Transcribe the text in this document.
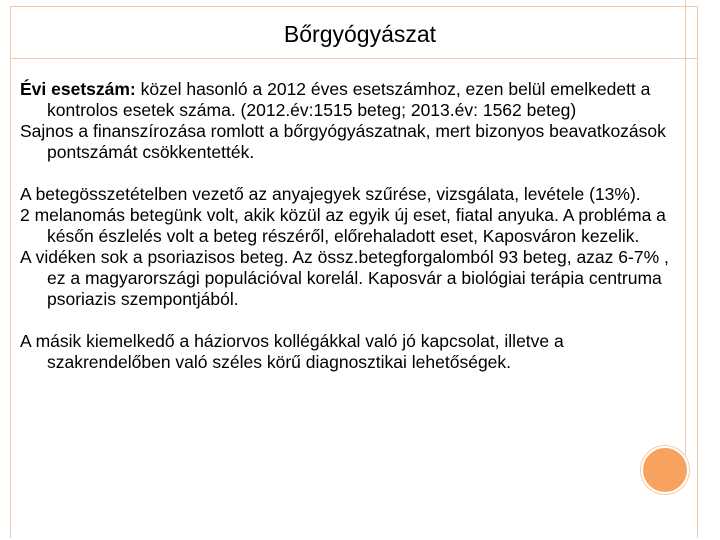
Bőrgyógyászat

Évi esetszám: közel hasonló a 2012 éves esetszámhoz, ezen belül emelkedett a kontrolos esetek száma. (2012.év:1515 beteg; 2013.év: 1562 beteg)

Sajnos a finanszírozása romlott a bőrgyógyászatnak, mert bizonyos beavatkozások pontszámát csökkentették.

A betegösszetételben vezető az anyajegyek szűrése, vizsgálata, levétele (13%).

2 melanomás betegünk volt, akik közül az egyik új eset, fiatal anyuka. A probléma a későn észlelés volt a beteg részéről, előrehaladott eset, Kaposváron kezelik.

A vidéken sok a psoriazisos beteg. Az össz.betegforgalomból 93 beteg, azaz 6-7% , ez a magyarországi populációval korelál. Kaposvár a biológiai terápia centruma psoriazis szempontjából.

A másik kiemelkedő a háziorvos kollégákkal való jó kapcsolat, illetve a szakrendelőben való széles körű diagnosztikai lehetőségek.
